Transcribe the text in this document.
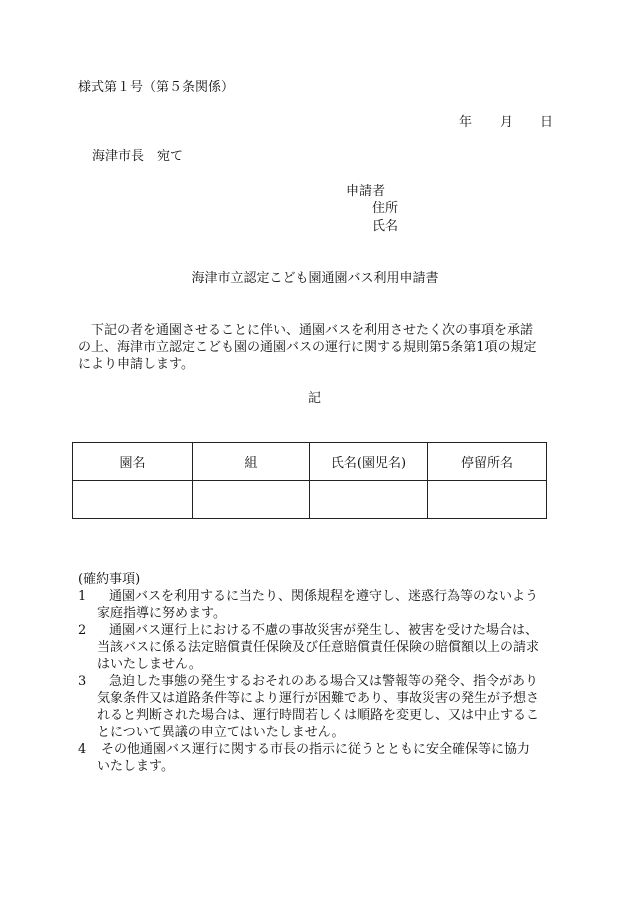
様式第１号（第５条関係）
年 月 日
海津市長　宛て
申請者
住所
氏名
海津市立認定こども園通園バス利用申請書

下記の者を通園させることに伴い、通園バスを利用させたく次の事項を承諾

の上、海津市立認定こども園の通園バスの運行に関する規則第5条第1項の規定

により申請します。

記
園名	組	氏名(園児名)	停留所名

(確約事項)
1	通園バスを利用するに当たり、関係規程を遵守し、迷惑行為等のないよう
家庭指導に努めます。
2	通園バス運行上における不慮の事故災害が発生し、被害を受けた場合は、
当該バスに係る法定賠償責任保険及び任意賠償責任保険の賠償額以上の請求
はいたしません。
3	急迫した事態の発生するおそれのある場合又は警報等の発令、指令があり
気象条件又は道路条件等により運行が困難であり、事故災害の発生が予想さ
れると判断された場合は、運行時間若しくは順路を変更し、又は中止するこ
とについて異議の申立てはいたしません。
4	その他通園バス運行に関する市長の指示に従うとともに安全確保等に協力
いたします。
